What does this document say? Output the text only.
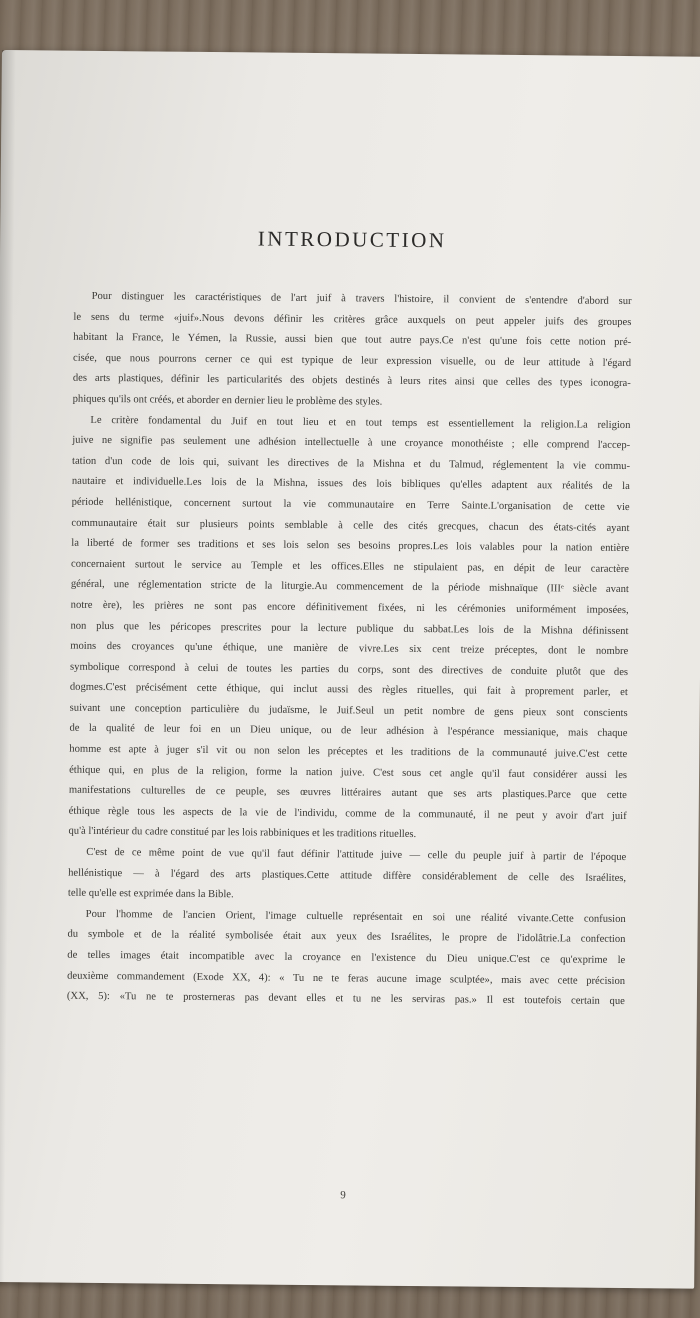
INTRODUCTION

Pour distinguer les caractéristiques de l'art juif à travers l'histoire, il convient de s'entendre d'abord sur
le sens du terme «juif».Nous devons définir les critères grâce auxquels on peut appeler juifs des groupes
habitant la France, le Yémen, la Russie, aussi bien que tout autre pays.Ce n'est qu'une fois cette notion pré-
cisée, que nous pourrons cerner ce qui est typique de leur expression visuelle, ou de leur attitude à l'égard
des arts plastiques, définir les particularités des objets destinés à leurs rites ainsi que celles des types iconogra-
phiques qu'ils ont créés, et aborder en dernier lieu le problème des styles.

Le critère fondamental du Juif en tout lieu et en tout temps est essentiellement la religion.La religion
juive ne signifie pas seulement une adhésion intellectuelle à une croyance monothéiste ; elle comprend l'accep-
tation d'un code de lois qui, suivant les directives de la Mishna et du Talmud, réglementent la vie commu-
nautaire et individuelle.Les lois de la Mishna, issues des lois bibliques qu'elles adaptent aux réalités de la
période hellénistique, concernent surtout la vie communautaire en Terre Sainte.L'organisation de cette vie
communautaire était sur plusieurs points semblable à celle des cités grecques, chacun des états-cités ayant
la liberté de former ses traditions et ses lois selon ses besoins propres.Les lois valables pour la nation entière
concernaient surtout le service au Temple et les offices.Elles ne stipulaient pas, en dépit de leur caractère
général, une réglementation stricte de la liturgie.Au commencement de la période mishnaïque (IIIᵉ siècle avant
notre ère), les prières ne sont pas encore définitivement fixées, ni les cérémonies uniformément imposées,
non plus que les péricopes prescrites pour la lecture publique du sabbat.Les lois de la Mishna définissent
moins des croyances qu'une éthique, une manière de vivre.Les six cent treize préceptes, dont le nombre
symbolique correspond à celui de toutes les parties du corps, sont des directives de conduite plutôt que des
dogmes.C'est précisément cette éthique, qui inclut aussi des règles rituelles, qui fait à proprement parler, et
suivant une conception particulière du judaïsme, le Juif.Seul un petit nombre de gens pieux sont conscients
de la qualité de leur foi en un Dieu unique, ou de leur adhésion à l'espérance messianique, mais chaque
homme est apte à juger s'il vit ou non selon les préceptes et les traditions de la communauté juive.C'est cette
éthique qui, en plus de la religion, forme la nation juive. C'est sous cet angle qu'il faut considérer aussi les
manifestations culturelles de ce peuple, ses œuvres littéraires autant que ses arts plastiques.Parce que cette
éthique règle tous les aspects de la vie de l'individu, comme de la communauté, il ne peut y avoir d'art juif
qu'à l'intérieur du cadre constitué par les lois rabbiniques et les traditions rituelles.

C'est de ce même point de vue qu'il faut définir l'attitude juive — celle du peuple juif à partir de l'époque
hellénistique — à l'égard des arts plastiques.Cette attitude diffère considérablement de celle des Israélites,
telle qu'elle est exprimée dans la Bible.

Pour l'homme de l'ancien Orient, l'image cultuelle représentait en soi une réalité vivante.Cette confusion
du symbole et de la réalité symbolisée était aux yeux des Israélites, le propre de l'idolâtrie.La confection
de telles images était incompatible avec la croyance en l'existence du Dieu unique.C'est ce qu'exprime le
deuxième commandement (Exode XX, 4): « Tu ne te feras aucune image sculptée», mais avec cette précision
(XX, 5): «Tu ne te prosterneras pas devant elles et tu ne les serviras pas.» Il est toutefois certain que

9
